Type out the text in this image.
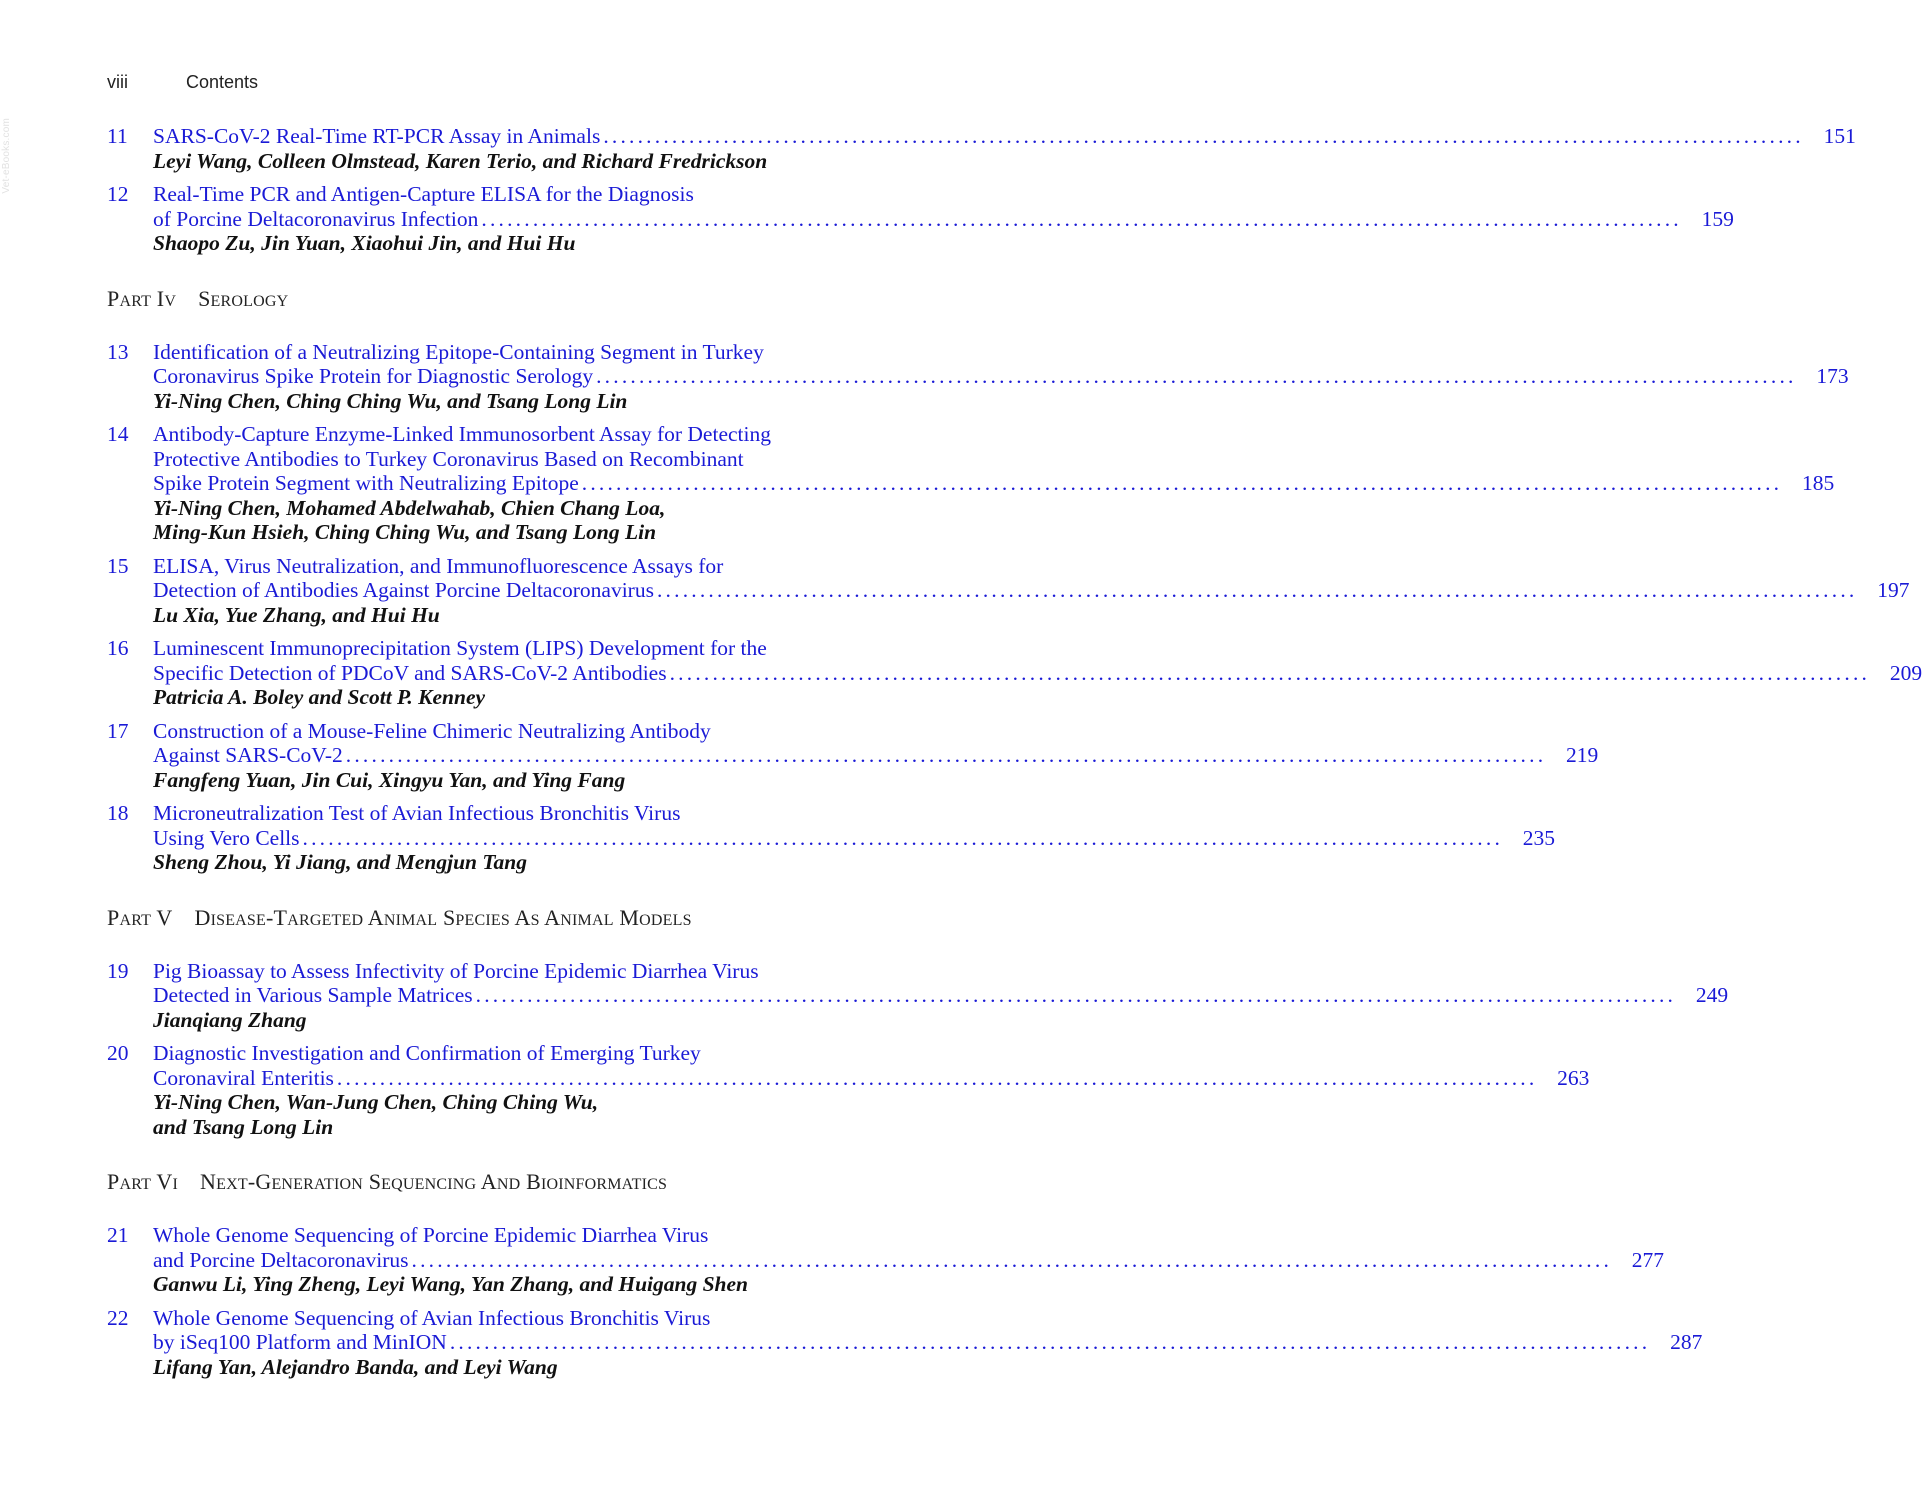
Vet-eBooks.com
viii	Contents
11 SARS-CoV-2 Real-Time RT-PCR Assay in Animals ............................................................................................................................................ 151
Leyi Wang, Colleen Olmstead, Karen Terio, and Richard Fredrickson
12 Real-Time PCR and Antigen-Capture ELISA for the Diagnosis
of Porcine Deltacoronavirus Infection ............................................................................................................................................ 159
Shaopo Zu, Jin Yuan, Xiaohui Jin, and Hui Hu
PART IV SEROLOGY
13 Identification of a Neutralizing Epitope-Containing Segment in Turkey
Coronavirus Spike Protein for Diagnostic Serology ............................................................................................................................................ 173
Yi-Ning Chen, Ching Ching Wu, and Tsang Long Lin
14 Antibody-Capture Enzyme-Linked Immunosorbent Assay for Detecting
Protective Antibodies to Turkey Coronavirus Based on Recombinant
Spike Protein Segment with Neutralizing Epitope ............................................................................................................................................ 185
Yi-Ning Chen, Mohamed Abdelwahab, Chien Chang Loa,
Ming-Kun Hsieh, Ching Ching Wu, and Tsang Long Lin
15 ELISA, Virus Neutralization, and Immunofluorescence Assays for
Detection of Antibodies Against Porcine Deltacoronavirus ............................................................................................................................................ 197
Lu Xia, Yue Zhang, and Hui Hu
16 Luminescent Immunoprecipitation System (LIPS) Development for the
Specific Detection of PDCoV and SARS-CoV-2 Antibodies ............................................................................................................................................ 209
Patricia A. Boley and Scott P. Kenney
17 Construction of a Mouse-Feline Chimeric Neutralizing Antibody
Against SARS-CoV-2 ............................................................................................................................................ 219
Fangfeng Yuan, Jin Cui, Xingyu Yan, and Ying Fang
18 Microneutralization Test of Avian Infectious Bronchitis Virus
Using Vero Cells ............................................................................................................................................ 235
Sheng Zhou, Yi Jiang, and Mengjun Tang
PART V DISEASE-TARGETED ANIMAL SPECIES AS ANIMAL MODELS
19 Pig Bioassay to Assess Infectivity of Porcine Epidemic Diarrhea Virus
Detected in Various Sample Matrices ............................................................................................................................................ 249
Jianqiang Zhang
20 Diagnostic Investigation and Confirmation of Emerging Turkey
Coronaviral Enteritis ............................................................................................................................................ 263
Yi-Ning Chen, Wan-Jung Chen, Ching Ching Wu,
and Tsang Long Lin
PART VI NEXT-GENERATION SEQUENCING AND BIOINFORMATICS
21 Whole Genome Sequencing of Porcine Epidemic Diarrhea Virus
and Porcine Deltacoronavirus ............................................................................................................................................ 277
Ganwu Li, Ying Zheng, Leyi Wang, Yan Zhang, and Huigang Shen
22 Whole Genome Sequencing of Avian Infectious Bronchitis Virus
by iSeq100 Platform and MinION ............................................................................................................................................ 287
Lifang Yan, Alejandro Banda, and Leyi Wang
